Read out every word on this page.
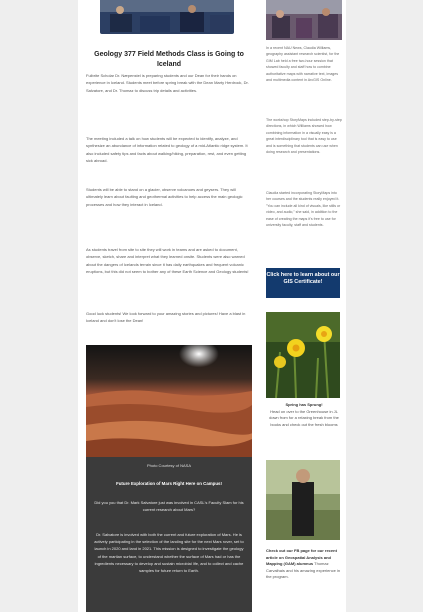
Geology 377 Field Methods Class is Going to Iceland
Fulbrite Scholar Dr. Næpenstel is preparing students and our Dean for their hands on experience in Iceland. Students meet before spring break with the Dean Marty Herdrock, Dr. Salvatore, and Dr. Thomaz to discuss trip details and activities.
The meeting included a talk on how students will be expected to identify, analyze, and synthesize an abundance of information related to geology of a mid-Atlantic ridge system. It also included safety tips and facts about walking/hiking, preparation, rest, and even getting sick abroad.
Students will be able to stand on a glacier, observe volcanoes and geysers. They will ultimately learn about faulting and geothermal activities to help access the main geologic processes and how they interact in Iceland.
As students travel from site to site they will work in teams and are asked to document, observe, sketch, share and interpret what they learned onsite. Students were also warned about the dangers of Icelands terrain since it has daily earthquakes and frequent volcanic eruptions, but this did not seem to bother any of these Earth Science and Geology students!
Good luck students! We look forward to your amazing stories and pictures! Have a blast in Iceland and don't lose the Dean!
Photo Courtesy of NASA
Future Exploration of Mars Right Here on Campus!
Did you you that Dr. Mark Salvatore just was involved in CASL's Faculty Slam for his current research about Mars?
Dr. Salvatore is involved with both the current and future exploration of Mars. He is actively participating in the selection of the landing site for the next Mars rover, set to launch in 2020 and land in 2021. This mission is designed to investigate the geology of the martian surface, to understand whether the surface of Mars had or has the ingredients necessary to develop and sustain microbial life, and to collect and cache samples for future return to Earth.
In a recent NAU News, Claudia Williams, geography assistant research scientist, for the GIM Lab held a free two-hour session that showed faculty and staff how to combine authoritative maps with narrative text, images and multimedia content in ArcGIS Online.
The workshop StoryMaps included step-by-step directions, in which Williams showed how combining information in a visually easy is a great interdisciplinary tool that is easy to use and is something that students can use when doing research and presentations.
Claudia started incorporating StoryMaps into her courses and the students really enjoyed it. "You can include all kind of visuals, like stills or video, and audio," she said, in addition to the ease of creating the maps it's free to use for university faculty, staff and students.
Click here to learn about our GIS Certificate!
Spring has Sprung!
Head on over to the Greenhouse in JL down from for a relaxing break from the books and check out the fresh blooms
Check out our FB page for our recent article on Geospatial Analysis and Mapping (GAM) alumnus Thomaz Carvalhais and his amazing experience in the program.
